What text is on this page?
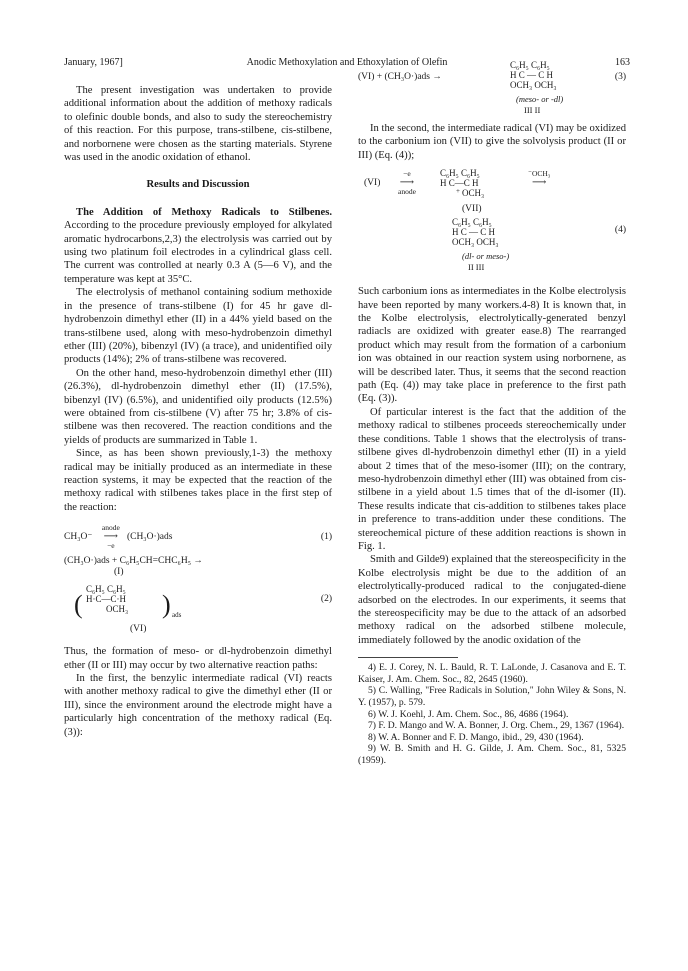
January, 1967]	Anodic Methoxylation and Ethoxylation of Olefin	163

The present investigation was undertaken to provide additional information about the addition of methoxy radicals to olefinic double bonds, and also to sudy the stereochemistry of this reaction. For this purpose, trans-stilbene, cis-stilbene, and norbornene were chosen as the starting materials. Styrene was used in the anodic oxidation of ethanol.

Results and Discussion

The Addition of Methoxy Radicals to Stilbenes. According to the procedure previously employed for alkylated aromatic hydrocarbons,2,3) the electrolysis was carried out by using two platinum foil electrodes in a cylindrical glass cell. The current was controlled at nearly 0.3 A (5—6 V), and the temperature was kept at 35°C.

The electrolysis of methanol containing sodium methoxide in the presence of trans-stilbene (I) for 45 hr gave dl-hydrobenzoin dimethyl ether (II) in a 44% yield based on the trans-stilbene used, along with meso-hydrobenzoin dimethyl ether (III) (20%), bibenzyl (IV) (a trace), and unidentified oily products (14%); 2% of trans-stilbene was recovered.

On the other hand, meso-hydrobenzoin dimethyl ether (III) (26.3%), dl-hydrobenzoin dimethyl ether (II) (17.5%), bibenzyl (IV) (6.5%), and unidentified oily products (12.5%) were obtained from cis-stilbene (V) after 75 hr; 3.8% of cis-stilbene was then recovered. The reaction conditions and the yields of products are summarized in Table 1.

Since, as has been shown previously,1-3) the methoxy radical may be initially produced as an intermediate in these reaction systems, it may be expected that the reaction of the methoxy radical with stilbenes takes place in the first step of the reaction:

CH₃O⁻    anode
⟶
−e   (CH₃O·)ads	(1)
(CH₃O·)ads + C₆H₅CH=CHC₆H₅ →
(I)
(
C₆H₅ C₆H₅
H·C—C·H
OCH₃ ) ads
(2)
(VI)

Thus, the formation of meso- or dl-hydrobenzoin dimethyl ether (II or III) may occur by two alternative reaction paths:

In the first, the benzylic intermediate radical (VI) reacts with another methoxy radical to give the dimethyl ether (II or III), since the environment around the electrode might have a particularly high concentration of the methoxy radical (Eq. (3)):

(VI) + (CH₃O·)ads →
C₆H₅ C₆H₅
H C — C H
OCH₃ OCH₃
(3)
(meso- or -dl)
III II

In the second, the intermediate radical (VI) may be oxidized to the carbonium ion (VII) to give the solvolysis product (II or III) (Eq. (4));

(VI)
−e
⟶
anode
C₆H₅ C₆H₅
H C—C H
OCH₃
+
⁻OCH₃
⟶
(VII)
C₆H₅ C₆H₅
H C — C H
OCH₃ OCH₃
(4)
(dl- or meso-)
II III

Such carbonium ions as intermediates in the Kolbe electrolysis have been reported by many workers.4-8) It is known that, in the Kolbe electrolysis, electrolytically-generated benzyl radiacls are oxidized with greater ease.8) The rearranged product which may result from the formation of a carbonium ion was obtained in our reaction system using norbornene, as will be described later. Thus, it seems that the second reaction path (Eq. (4)) may take place in preference to the first path (Eq. (3)).

Of particular interest is the fact that the addition of the methoxy radical to stilbenes proceeds stereochemically under these conditions. Table 1 shows that the electrolysis of trans-stilbene gives dl-hydrobenzoin dimethyl ether (II) in a yield about 2 times that of the meso-isomer (III); on the contrary, meso-hydrobenzoin dimethyl ether (III) was obtained from cis-stilbene in a yield about 1.5 times that of the dl-isomer (II). These results indicate that cis-addition to stilbenes takes place in preference to trans-addition under these conditions. The stereochemical picture of these addition reactions is shown in Fig. 1.

Smith and Gilde9) explained that the stereospecificity in the Kolbe electrolysis might be due to the addition of an electrolytically-produced radical to the conjugated-diene adsorbed on the electrodes. In our experiments, it seems that the stereospecificity may be due to the attack of an adsorbed methoxy radical on the adsorbed stilbene molecule, immediately followed by the anodic oxidation of the

4) E. J. Corey, N. L. Bauld, R. T. LaLonde, J. Casanova and E. T. Kaiser, J. Am. Chem. Soc., 82, 2645 (1960).

5) C. Walling, "Free Radicals in Solution," John Wiley & Sons, N. Y. (1957), p. 579.

6) W. J. Koehl, J. Am. Chem. Soc., 86, 4686 (1964).

7) F. D. Mango and W. A. Bonner, J. Org. Chem., 29, 1367 (1964).

8) W. A. Bonner and F. D. Mango, ibid., 29, 430 (1964).

9) W. B. Smith and H. G. Gilde, J. Am. Chem. Soc., 81, 5325 (1959).
